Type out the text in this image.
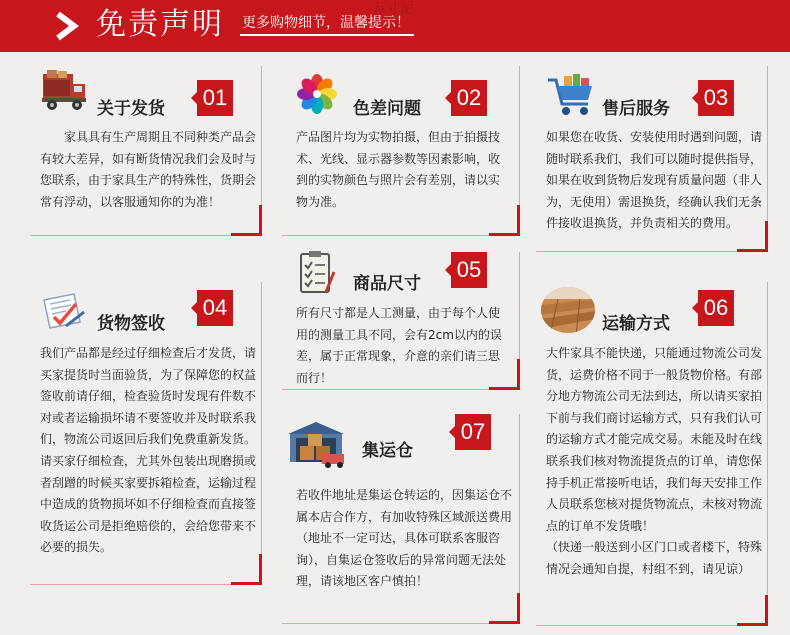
免责声明 更多购物细节，温馨提示！
万寸泥
01
关于发货
　　家具具有生产周期且不同种类产品会有较大差异，如有断货情况我们会及时与您联系，由于家具生产的特殊性，货期会常有浮动，以客服通知你的为准！
02
色差问题
产品图片均为实物拍摄，但由于拍摄技术、光线、显示器参数等因素影响，收到的实物颜色与照片会有差别，请以实物为准。
03
售后服务
如果您在收货、安装使用时遇到问题，请随时联系我们，我们可以随时提供指导，如果在收到货物后发现有质量问题（非人为，无使用）需退换货，经确认我们无条件接收退换货，并负责相关的费用。
04
货物签收
我们产品都是经过仔细检查后才发货，请买家提货时当面验货，为了保障您的权益签收前请仔细，检查验货时发现有件数不对或者运输损坏请不要签收并及时联系我们，物流公司返回后我们免费重新发货。请买家仔细检查，尤其外包装出现磨损或者刮蹭的时候买家要拆箱检查，运输过程中造成的货物损坏如不仔细检查而直接签收货运公司是拒绝赔偿的，会给您带来不必要的损失。
05
商品尺寸
所有尺寸都是人工测量，由于每个人使用的测量工具不同，会有2cm以内的误差，属于正常现象，介意的亲们请三思而行！
07
集运仓
若收件地址是集运仓转运的，因集运仓不属本店合作方，有加收特殊区域派送费用（地址不一定可达，具体可联系客服咨询），自集运仓签收后的异常问题无法处理，请该地区客户慎拍！
06
运输方式

大件家具不能快递，只能通过物流公司发货，运费价格不同于一般货物价格。有部分地方物流公司无法到达，所以请买家拍下前与我们商讨运输方式，只有我们认可的运输方式才能完成交易。未能及时在线联系我们核对物流提货点的订单，请您保持手机正常接听电话，我们每天安排工作人员联系您核对提货物流点，未核对物流点的订单不发货哦！

（快递一般送到小区门口或者楼下，特殊情况会通知自提，村组不到，请见谅）
